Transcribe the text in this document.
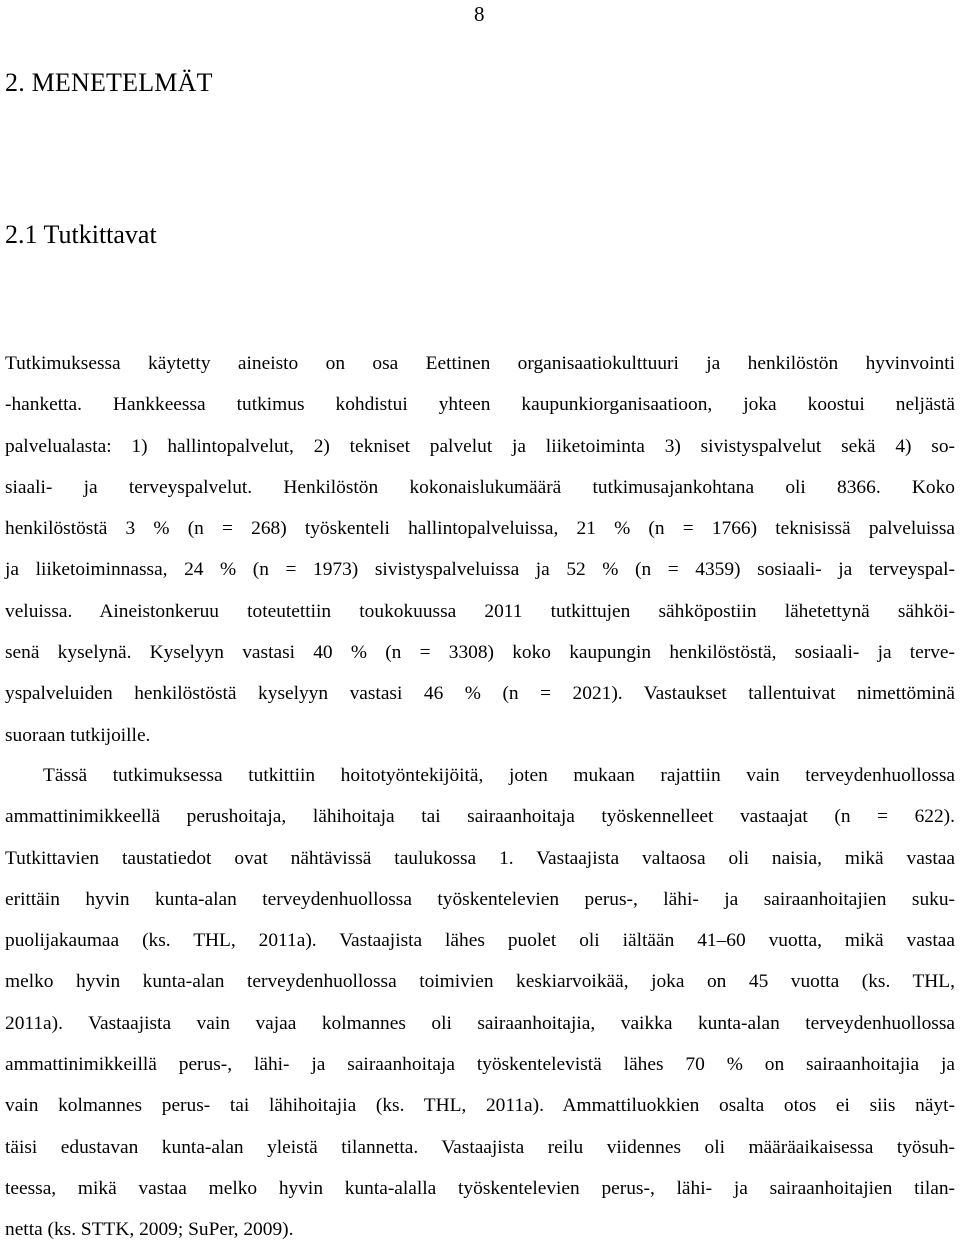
8
2. MENETELMÄT
2.1 Tutkittavat
Tutkimuksessa käytetty aineisto on osa Eettinen organisaatiokulttuuri ja henkilöstön hyvinvointi
-hanketta. Hankkeessa tutkimus kohdistui yhteen kaupunkiorganisaatioon, joka koostui neljästä
palvelualasta: 1) hallintopalvelut, 2) tekniset palvelut ja liiketoiminta 3) sivistyspalvelut sekä 4) so-
siaali- ja terveyspalvelut. Henkilöstön kokonaislukumäärä tutkimusajankohtana oli 8366. Koko
henkilöstöstä 3 % (n = 268) työskenteli hallintopalveluissa, 21 % (n = 1766) teknisissä palveluissa
ja liiketoiminnassa, 24 % (n = 1973) sivistyspalveluissa ja 52 % (n = 4359) sosiaali- ja terveyspal-
veluissa. Aineistonkeruu toteutettiin toukokuussa 2011 tutkittujen sähköpostiin lähetettynä sähköi-
senä kyselynä. Kyselyyn vastasi 40 % (n = 3308) koko kaupungin henkilöstöstä, sosiaali- ja terve-
yspalveluiden henkilöstöstä kyselyyn vastasi 46 % (n = 2021). Vastaukset tallentuivat nimettöminä
suoraan tutkijoille.
Tässä tutkimuksessa tutkittiin hoitotyöntekijöitä, joten mukaan rajattiin vain terveydenhuollossa
ammattinimikkeellä perushoitaja, lähihoitaja tai sairaanhoitaja työskennelleet vastaajat (n = 622).
Tutkittavien taustatiedot ovat nähtävissä taulukossa 1. Vastaajista valtaosa oli naisia, mikä vastaa
erittäin hyvin kunta-alan terveydenhuollossa työskentelevien perus-, lähi- ja sairaanhoitajien suku-
puolijakaumaa (ks. THL, 2011a). Vastaajista lähes puolet oli iältään 41–60 vuotta, mikä vastaa
melko hyvin kunta-alan terveydenhuollossa toimivien keskiarvoikää, joka on 45 vuotta (ks. THL,
2011a). Vastaajista vain vajaa kolmannes oli sairaanhoitajia, vaikka kunta-alan terveydenhuollossa
ammattinimikkeillä perus-, lähi- ja sairaanhoitaja työskentelevistä lähes 70 % on sairaanhoitajia ja
vain kolmannes perus- tai lähihoitajia (ks. THL, 2011a). Ammattiluokkien osalta otos ei siis näyt-
täisi edustavan kunta-alan yleistä tilannetta. Vastaajista reilu viidennes oli määräaikaisessa työsuh-
teessa, mikä vastaa melko hyvin kunta-alalla työskentelevien perus-, lähi- ja sairaanhoitajien tilan-
netta (ks. STTK, 2009; SuPer, 2009).
